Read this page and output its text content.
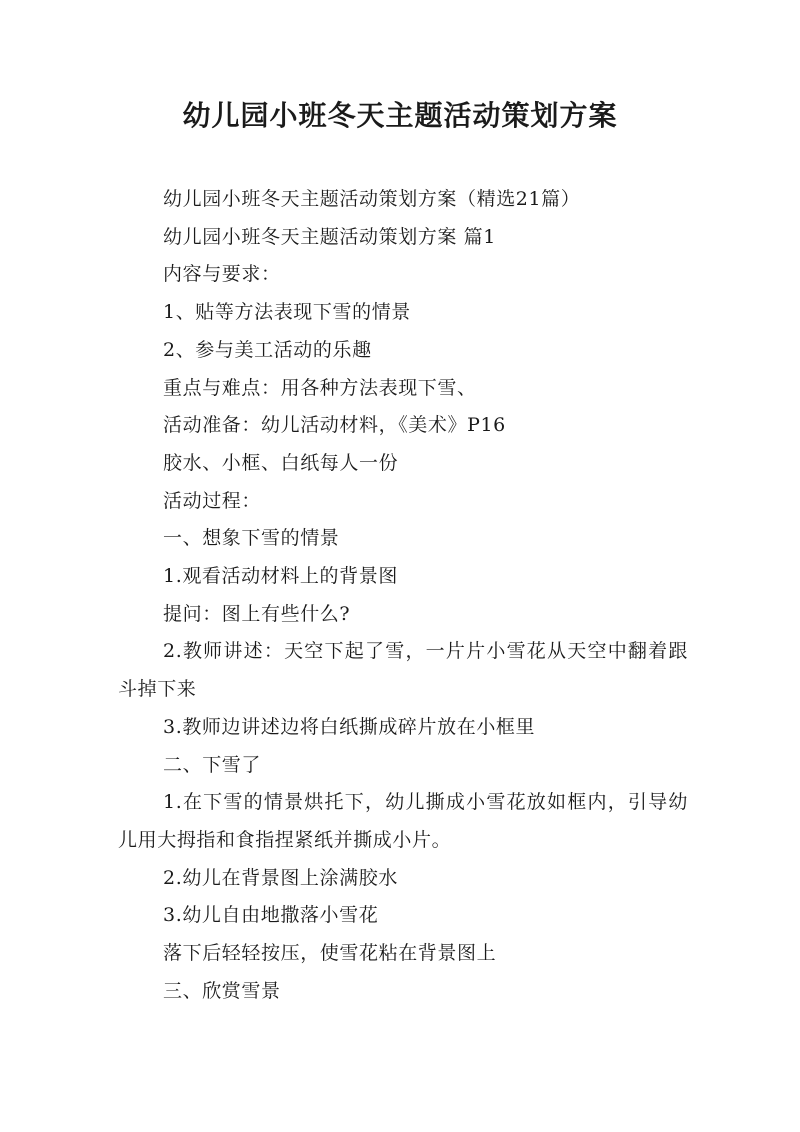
幼儿园小班冬天主题活动策划方案

幼儿园小班冬天主题活动策划方案（精选21篇）

幼儿园小班冬天主题活动策划方案 篇1

内容与要求：

1、贴等方法表现下雪的情景

2、参与美工活动的乐趣

重点与难点：用各种方法表现下雪、

活动准备：幼儿活动材料，《美术》P16

胶水、小框、白纸每人一份

活动过程：

一、想象下雪的情景

1.观看活动材料上的背景图

提问：图上有些什么?

2.教师讲述：天空下起了雪，一片片小雪花从天空中翻着跟斗掉下来

3.教师边讲述边将白纸撕成碎片放在小框里

二、下雪了

1.在下雪的情景烘托下，幼儿撕成小雪花放如框内，引导幼儿用大拇指和食指捏紧纸并撕成小片。

2.幼儿在背景图上涂满胶水

3.幼儿自由地撒落小雪花

落下后轻轻按压，使雪花粘在背景图上

三、欣赏雪景
